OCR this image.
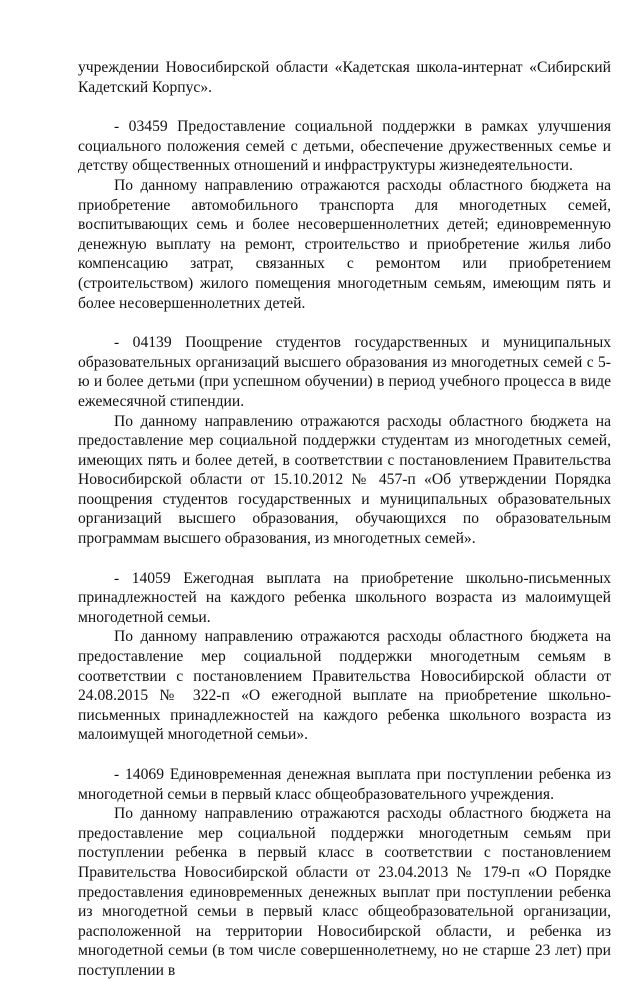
учреждении Новосибирской области «Кадетская школа-интернат «Сибирский Кадетский Корпус».

- 03459 Предоставление социальной поддержки в рамках улучшения социального положения семей с детьми, обеспечение дружественных семье и детству общественных отношений и инфраструктуры жизнедеятельности.

По данному направлению отражаются расходы областного бюджета на приобретение автомобильного транспорта для многодетных семей, воспитывающих семь и более несовершеннолетних детей; единовременную денежную выплату на ремонт, строительство и приобретение жилья либо компенсацию затрат, связанных с ремонтом или приобретением (строительством) жилого помещения многодетным семьям, имеющим пять и более несовершеннолетних детей.

- 04139 Поощрение студентов государственных и муниципальных образовательных организаций высшего образования из многодетных семей с 5-ю и более детьми (при успешном обучении) в период учебного процесса в виде ежемесячной стипендии.

По данному направлению отражаются расходы областного бюджета на предоставление мер социальной поддержки студентам из многодетных семей, имеющих пять и более детей, в соответствии с постановлением Правительства Новосибирской области от 15.10.2012 № 457-п «Об утверждении Порядка поощрения студентов государственных и муниципальных образовательных организаций высшего образования, обучающихся по образовательным программам высшего образования, из многодетных семей».

- 14059 Ежегодная выплата на приобретение школьно-письменных принадлежностей на каждого ребенка школьного возраста из малоимущей многодетной семьи.

По данному направлению отражаются расходы областного бюджета на предоставление мер социальной поддержки многодетным семьям в соответствии с постановлением Правительства Новосибирской области от 24.08.2015 № 322-п «О ежегодной выплате на приобретение школьно-письменных принадлежностей на каждого ребенка школьного возраста из малоимущей многодетной семьи».

- 14069 Единовременная денежная выплата при поступлении ребенка из многодетной семьи в первый класс общеобразовательного учреждения.

По данному направлению отражаются расходы областного бюджета на предоставление мер социальной поддержки многодетным семьям при поступлении ребенка в первый класс в соответствии с постановлением Правительства Новосибирской области от 23.04.2013 № 179-п «О Порядке предоставления единовременных денежных выплат при поступлении ребенка из многодетной семьи в первый класс общеобразовательной организации, расположенной на территории Новосибирской области, и ребенка из многодетной семьи (в том числе совершеннолетнему, но не старше 23 лет) при поступлении в
